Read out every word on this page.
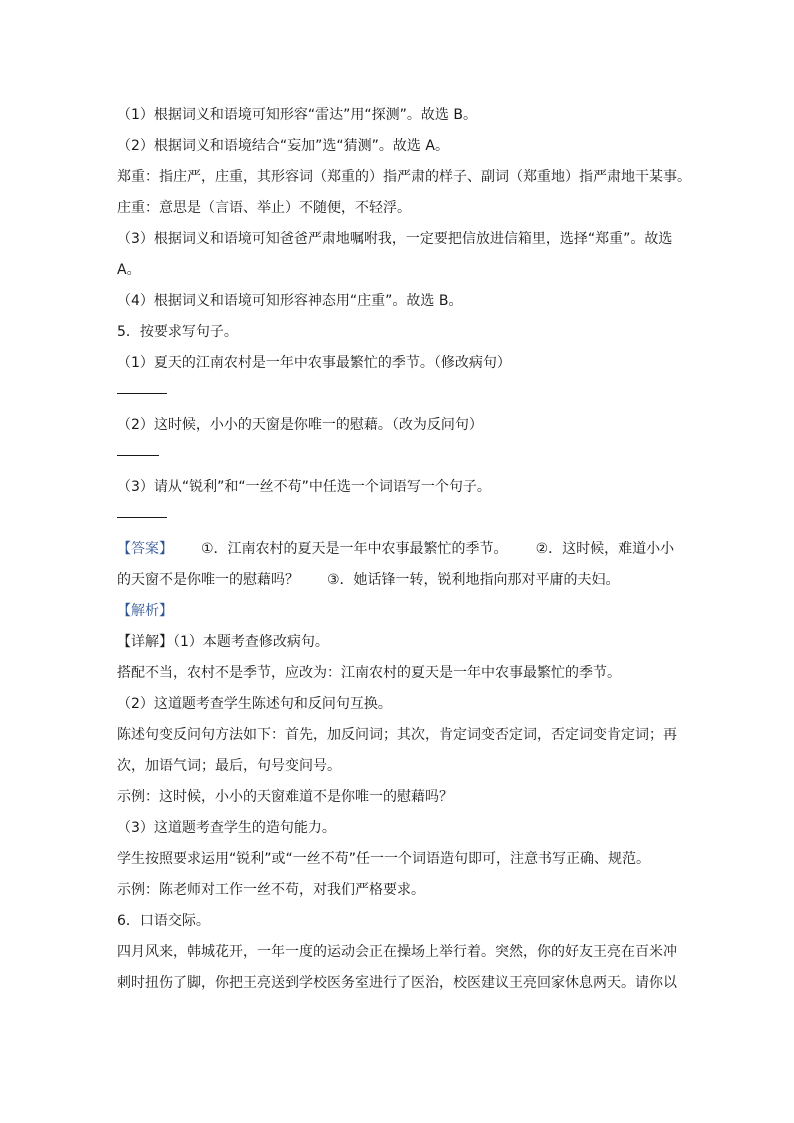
（1）根据词义和语境可知形容“雷达”用“探测”。故选 B。
（2）根据词义和语境结合“妄加”选“猜测”。故选 A。
郑重：指庄严，庄重，其形容词（郑重的）指严肃的样子、副词（郑重地）指严肃地干某事。
庄重：意思是（言语、举止）不随便，不轻浮。
（3）根据词义和语境可知爸爸严肃地嘱咐我，一定要把信放进信箱里，选择“郑重”。故选
A。
（4）根据词义和语境可知形容神态用“庄重”。故选 B。
5．按要求写句子。
（1）夏天的江南农村是一年中农事最繁忙的季节。（修改病句）
（2）这时候，小小的天窗是你唯一的慰藉。（改为反问句）
（3）请从“锐利”和“一丝不苟”中任选一个词语写一个句子。
【答案】 ①．江南农村的夏天是一年中农事最繁忙的季节。 ②．这时候，难道小小
的天窗不是你唯一的慰藉吗？ ③．她话锋一转，锐利地指向那对平庸的夫妇。
【解析】
【详解】（1）本题考查修改病句。
搭配不当，农村不是季节，应改为：江南农村的夏天是一年中农事最繁忙的季节。
（2）这道题考查学生陈述句和反问句互换。
陈述句变反问句方法如下：首先，加反问词；其次，肯定词变否定词，否定词变肯定词；再
次，加语气词；最后，句号变问号。
示例：这时候，小小的天窗难道不是你唯一的慰藉吗？
（3）这道题考查学生的造句能力。
学生按照要求运用“锐利”或“一丝不苟”任一一个词语造句即可，注意书写正确、规范。
示例：陈老师对工作一丝不苟，对我们严格要求。
6．口语交际。
四月风来，韩城花开，一年一度的运动会正在操场上举行着。突然，你的好友王亮在百米冲
刺时扭伤了脚，你把王亮送到学校医务室进行了医治，校医建议王亮回家休息两天。请你以
